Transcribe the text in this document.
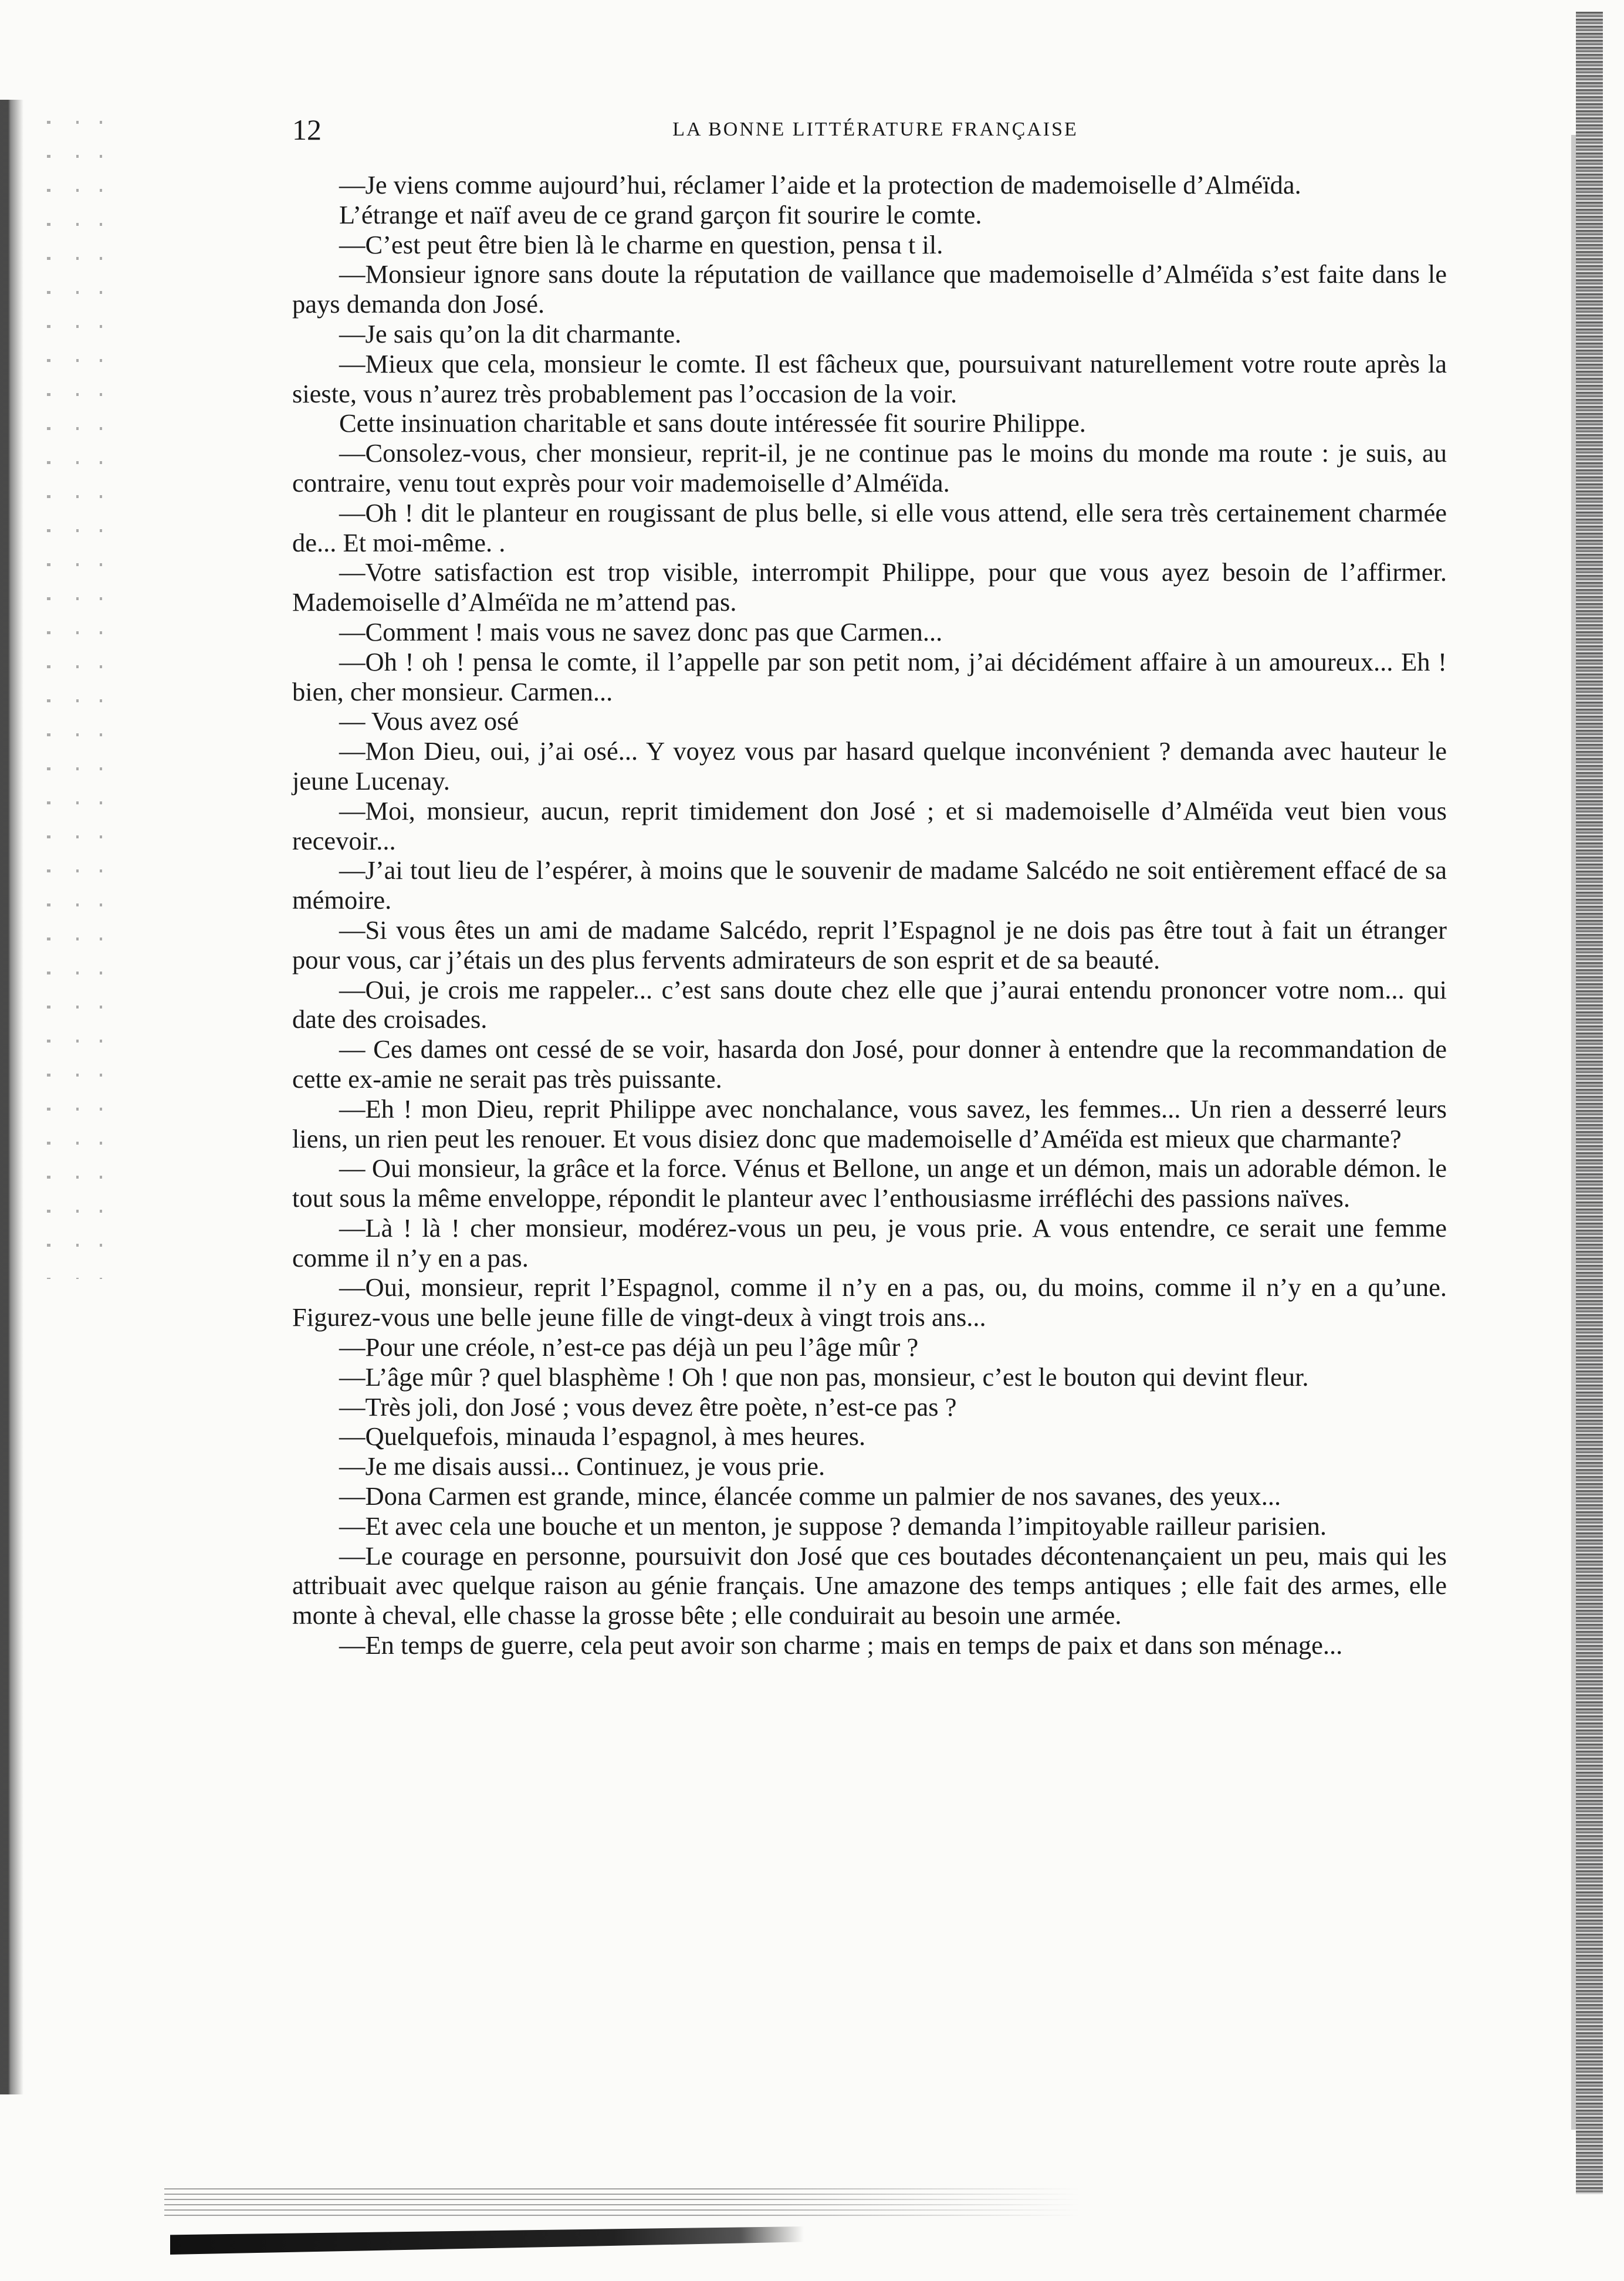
12	LA BONNE LITTÉRATURE FRANÇAISE

—Je viens comme aujourd’hui, réclamer l’aide et la protection de mademoiselle d’Alméïda.

L’étrange et naïf aveu de ce grand garçon fit sourire le comte.

—C’est peut être bien là le charme en question, pensa t il.

—Monsieur ignore sans doute la réputation de vaillance que mademoiselle d’Alméïda s’est faite dans le pays demanda don José.

—Je sais qu’on la dit charmante.

—Mieux que cela, monsieur le comte. Il est fâcheux que, poursuivant naturellement votre route après la sieste, vous n’aurez très probablement pas l’occasion de la voir.

Cette insinuation charitable et sans doute intéressée fit sourire Philippe.

—Consolez-vous, cher monsieur, reprit-il, je ne continue pas le moins du monde ma route : je suis, au contraire, venu tout exprès pour voir mademoiselle d’Alméïda.

—Oh ! dit le planteur en rougissant de plus belle, si elle vous attend, elle sera très certainement charmée de... Et moi-même. .

—Votre satisfaction est trop visible, interrompit Philippe, pour que vous ayez besoin de l’affirmer. Mademoiselle d’Alméïda ne m’attend pas.

—Comment ! mais vous ne savez donc pas que Carmen...

—Oh ! oh ! pensa le comte, il l’appelle par son petit nom, j’ai décidément affaire à un amoureux... Eh ! bien, cher monsieur. Carmen...

— Vous avez osé

—Mon Dieu, oui, j’ai osé... Y voyez vous par hasard quelque inconvénient ? demanda avec hauteur le jeune Lucenay.

—Moi, monsieur, aucun, reprit timidement don José ; et si mademoiselle d’Alméïda veut bien vous recevoir...

—J’ai tout lieu de l’espérer, à moins que le souvenir de madame Salcédo ne soit entièrement effacé de sa mémoire.

—Si vous êtes un ami de madame Salcédo, reprit l’Espagnol je ne dois pas être tout à fait un étranger pour vous, car j’étais un des plus fervents admirateurs de son esprit et de sa beauté.

—Oui, je crois me rappeler... c’est sans doute chez elle que j’aurai entendu prononcer votre nom... qui date des croisades.

— Ces dames ont cessé de se voir, hasarda don José, pour donner à entendre que la recommandation de cette ex-amie ne serait pas très puissante.

—Eh ! mon Dieu, reprit Philippe avec nonchalance, vous savez, les femmes... Un rien a desserré leurs liens, un rien peut les renouer. Et vous disiez donc que mademoiselle d’Améïda est mieux que charmante?

— Oui monsieur, la grâce et la force. Vénus et Bellone, un ange et un démon, mais un adorable démon. le tout sous la même enveloppe, répondit le planteur avec l’enthousiasme irréfléchi des passions naïves.

—Là ! là ! cher monsieur, modérez-vous un peu, je vous prie. A vous entendre, ce serait une femme comme il n’y en a pas.

—Oui, monsieur, reprit l’Espagnol, comme il n’y en a pas, ou, du moins, comme il n’y en a qu’une. Figurez-vous une belle jeune fille de vingt-deux à vingt trois ans...

—Pour une créole, n’est-ce pas déjà un peu l’âge mûr ?

—L’âge mûr ? quel blasphème ! Oh ! que non pas, monsieur, c’est le bouton qui devint fleur.

—Très joli, don José ; vous devez être poète, n’est-ce pas ?

—Quelquefois, minauda l’espagnol, à mes heures.

—Je me disais aussi... Continuez, je vous prie.

—Dona Carmen est grande, mince, élancée comme un palmier de nos savanes, des yeux...

—Et avec cela une bouche et un menton, je suppose ? demanda l’impitoyable railleur parisien.

—Le courage en personne, poursuivit don José que ces boutades décontenançaient un peu, mais qui les attribuait avec quelque raison au génie français. Une amazone des temps antiques ; elle fait des armes, elle monte à cheval, elle chasse la grosse bête ; elle conduirait au besoin une armée.

—En temps de guerre, cela peut avoir son charme ; mais en temps de paix et dans son ménage...
